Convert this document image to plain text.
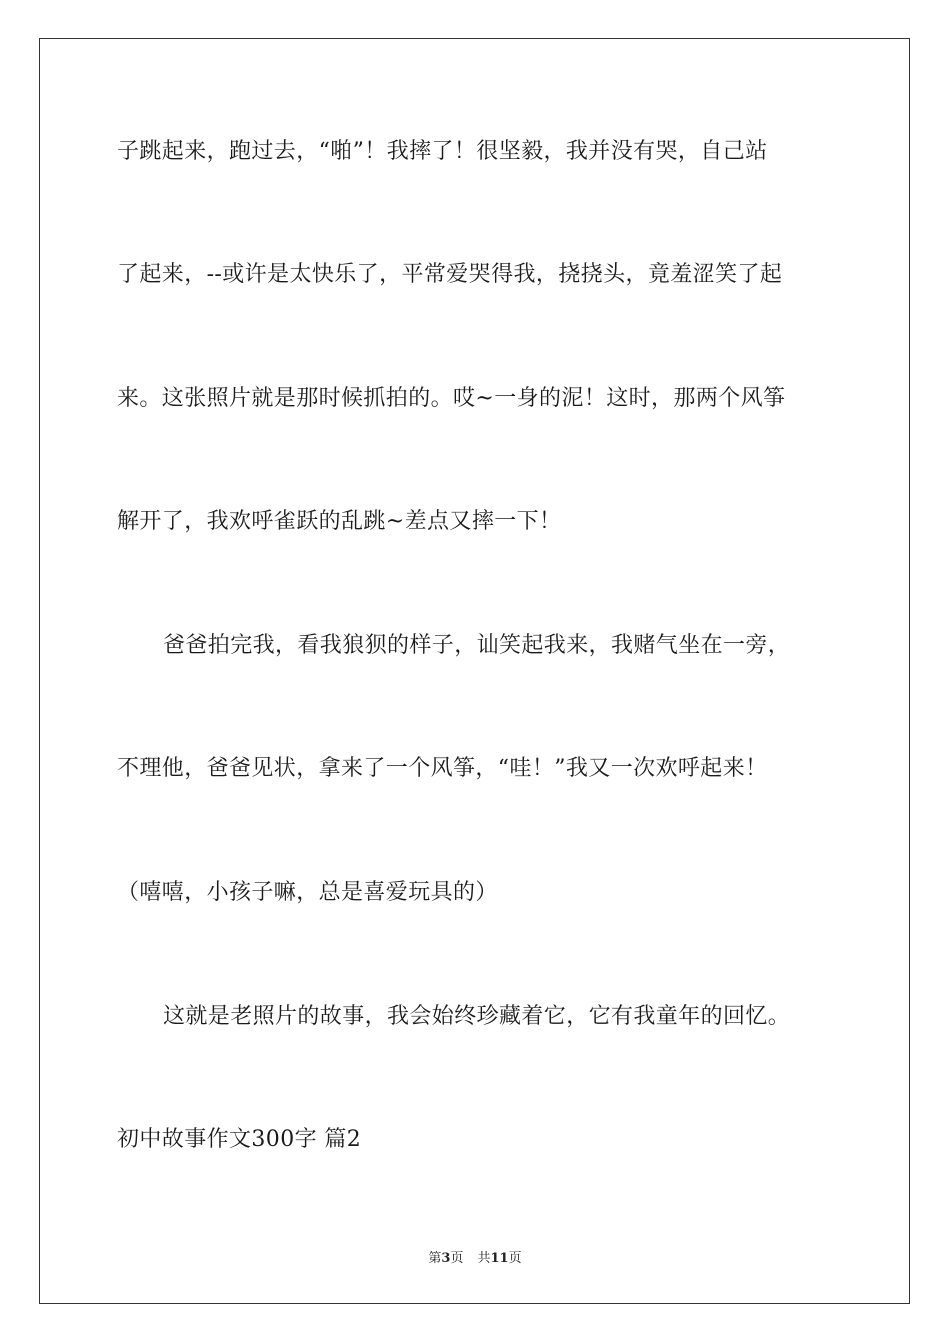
子跳起来，跑过去，“啪”！我摔了！很坚毅，我并没有哭，自己站
了起来，--或许是太快乐了，平常爱哭得我，挠挠头，竟羞涩笑了起
来。这张照片就是那时候抓拍的。哎~一身的泥！这时，那两个风筝
解开了，我欢呼雀跃的乱跳~差点又摔一下！
爸爸拍完我，看我狼狈的样子，讪笑起我来，我赌气坐在一旁，
不理他，爸爸见状，拿来了一个风筝，“哇！”我又一次欢呼起来！
（嘻嘻，小孩子嘛，总是喜爱玩具的）
这就是老照片的故事，我会始终珍藏着它，它有我童年的回忆。
初中故事作文300字 篇2
第3页 共11页
